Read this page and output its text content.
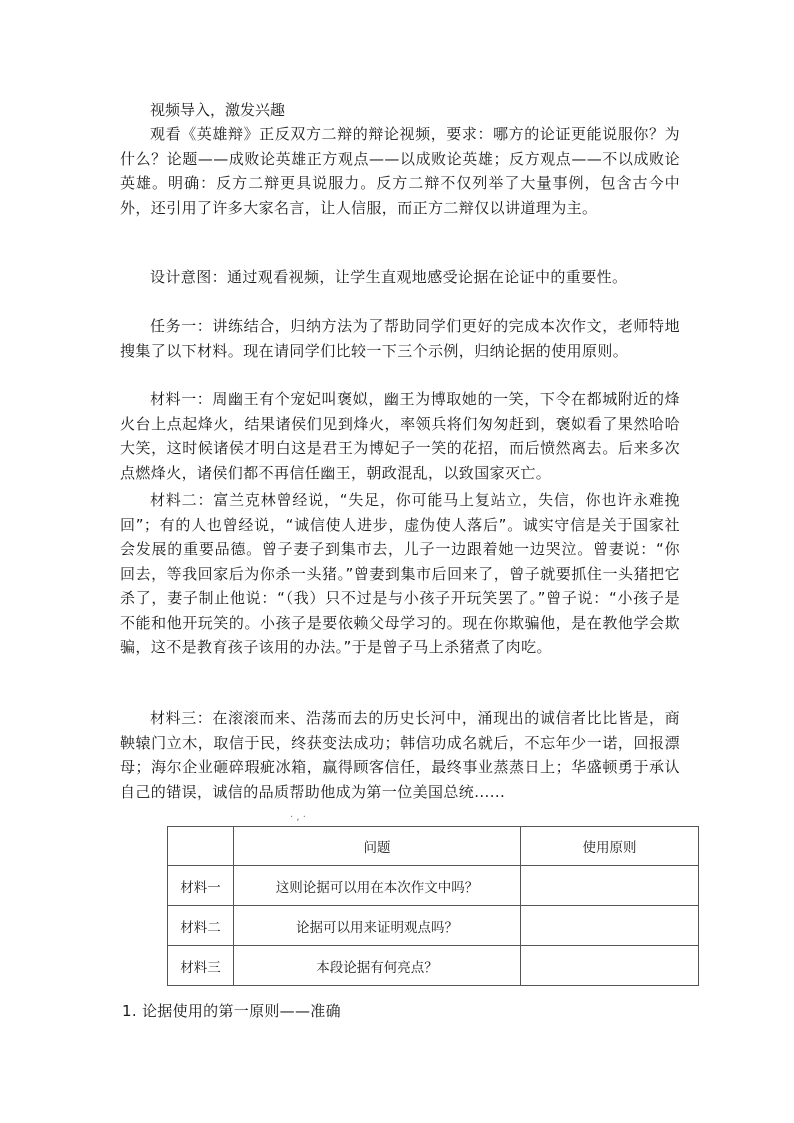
视频导入，激发兴趣

观看《英雄辩》正反双方二辩的辩论视频，要求：哪方的论证更能说服你？为什么？论题——成败论英雄正方观点——以成败论英雄；反方观点——不以成败论英雄。明确：反方二辩更具说服力。反方二辩不仅列举了大量事例，包含古今中外，还引用了许多大家名言，让人信服，而正方二辩仅以讲道理为主。

设计意图：通过观看视频，让学生直观地感受论据在论证中的重要性。

任务一：讲练结合，归纳方法为了帮助同学们更好的完成本次作文，老师特地搜集了以下材料。现在请同学们比较一下三个示例，归纳论据的使用原则。

材料一：周幽王有个宠妃叫褒姒，幽王为博取她的一笑，下令在都城附近的烽火台上点起烽火，结果诸侯们见到烽火，率领兵将们匆匆赶到，褒姒看了果然哈哈大笑，这时候诸侯才明白这是君王为博妃子一笑的花招，而后愤然离去。后来多次点燃烽火，诸侯们都不再信任幽王，朝政混乱，以致国家灭亡。

材料二：富兰克林曾经说，“失足，你可能马上复站立，失信，你也许永难挽回”；有的人也曾经说，“诚信使人进步，虚伪使人落后”。诚实守信是关于国家社会发展的重要品德。曾子妻子到集市去，儿子一边跟着她一边哭泣。曾妻说：“你回去，等我回家后为你杀一头猪。”曾妻到集市后回来了，曾子就要抓住一头猪把它杀了，妻子制止他说：“（我）只不过是与小孩子开玩笑罢了。”曾子说：“小孩子是不能和他开玩笑的。小孩子是要依赖父母学习的。现在你欺骗他，是在教他学会欺骗，这不是教育孩子该用的办法。”于是曾子马上杀猪煮了肉吃。

材料三：在滚滚而来、浩荡而去的历史长河中，涌现出的诚信者比比皆是，商鞅辕门立木，取信于民，终获变法成功；韩信功成名就后，不忘年少一诺，回报漂母；海尔企业砸碎瑕疵冰箱，赢得顾客信任，最终事业蒸蒸日上；华盛顿勇于承认自己的错误，诚信的品质帮助他成为第一位美国总统......

· , ·
	问题	使用原则
材料一	这则论据可以用在本次作文中吗？	
材料二	论据可以用来证明观点吗？	
材料三	本段论据有何亮点？	
1. 论据使用的第一原则——准确
